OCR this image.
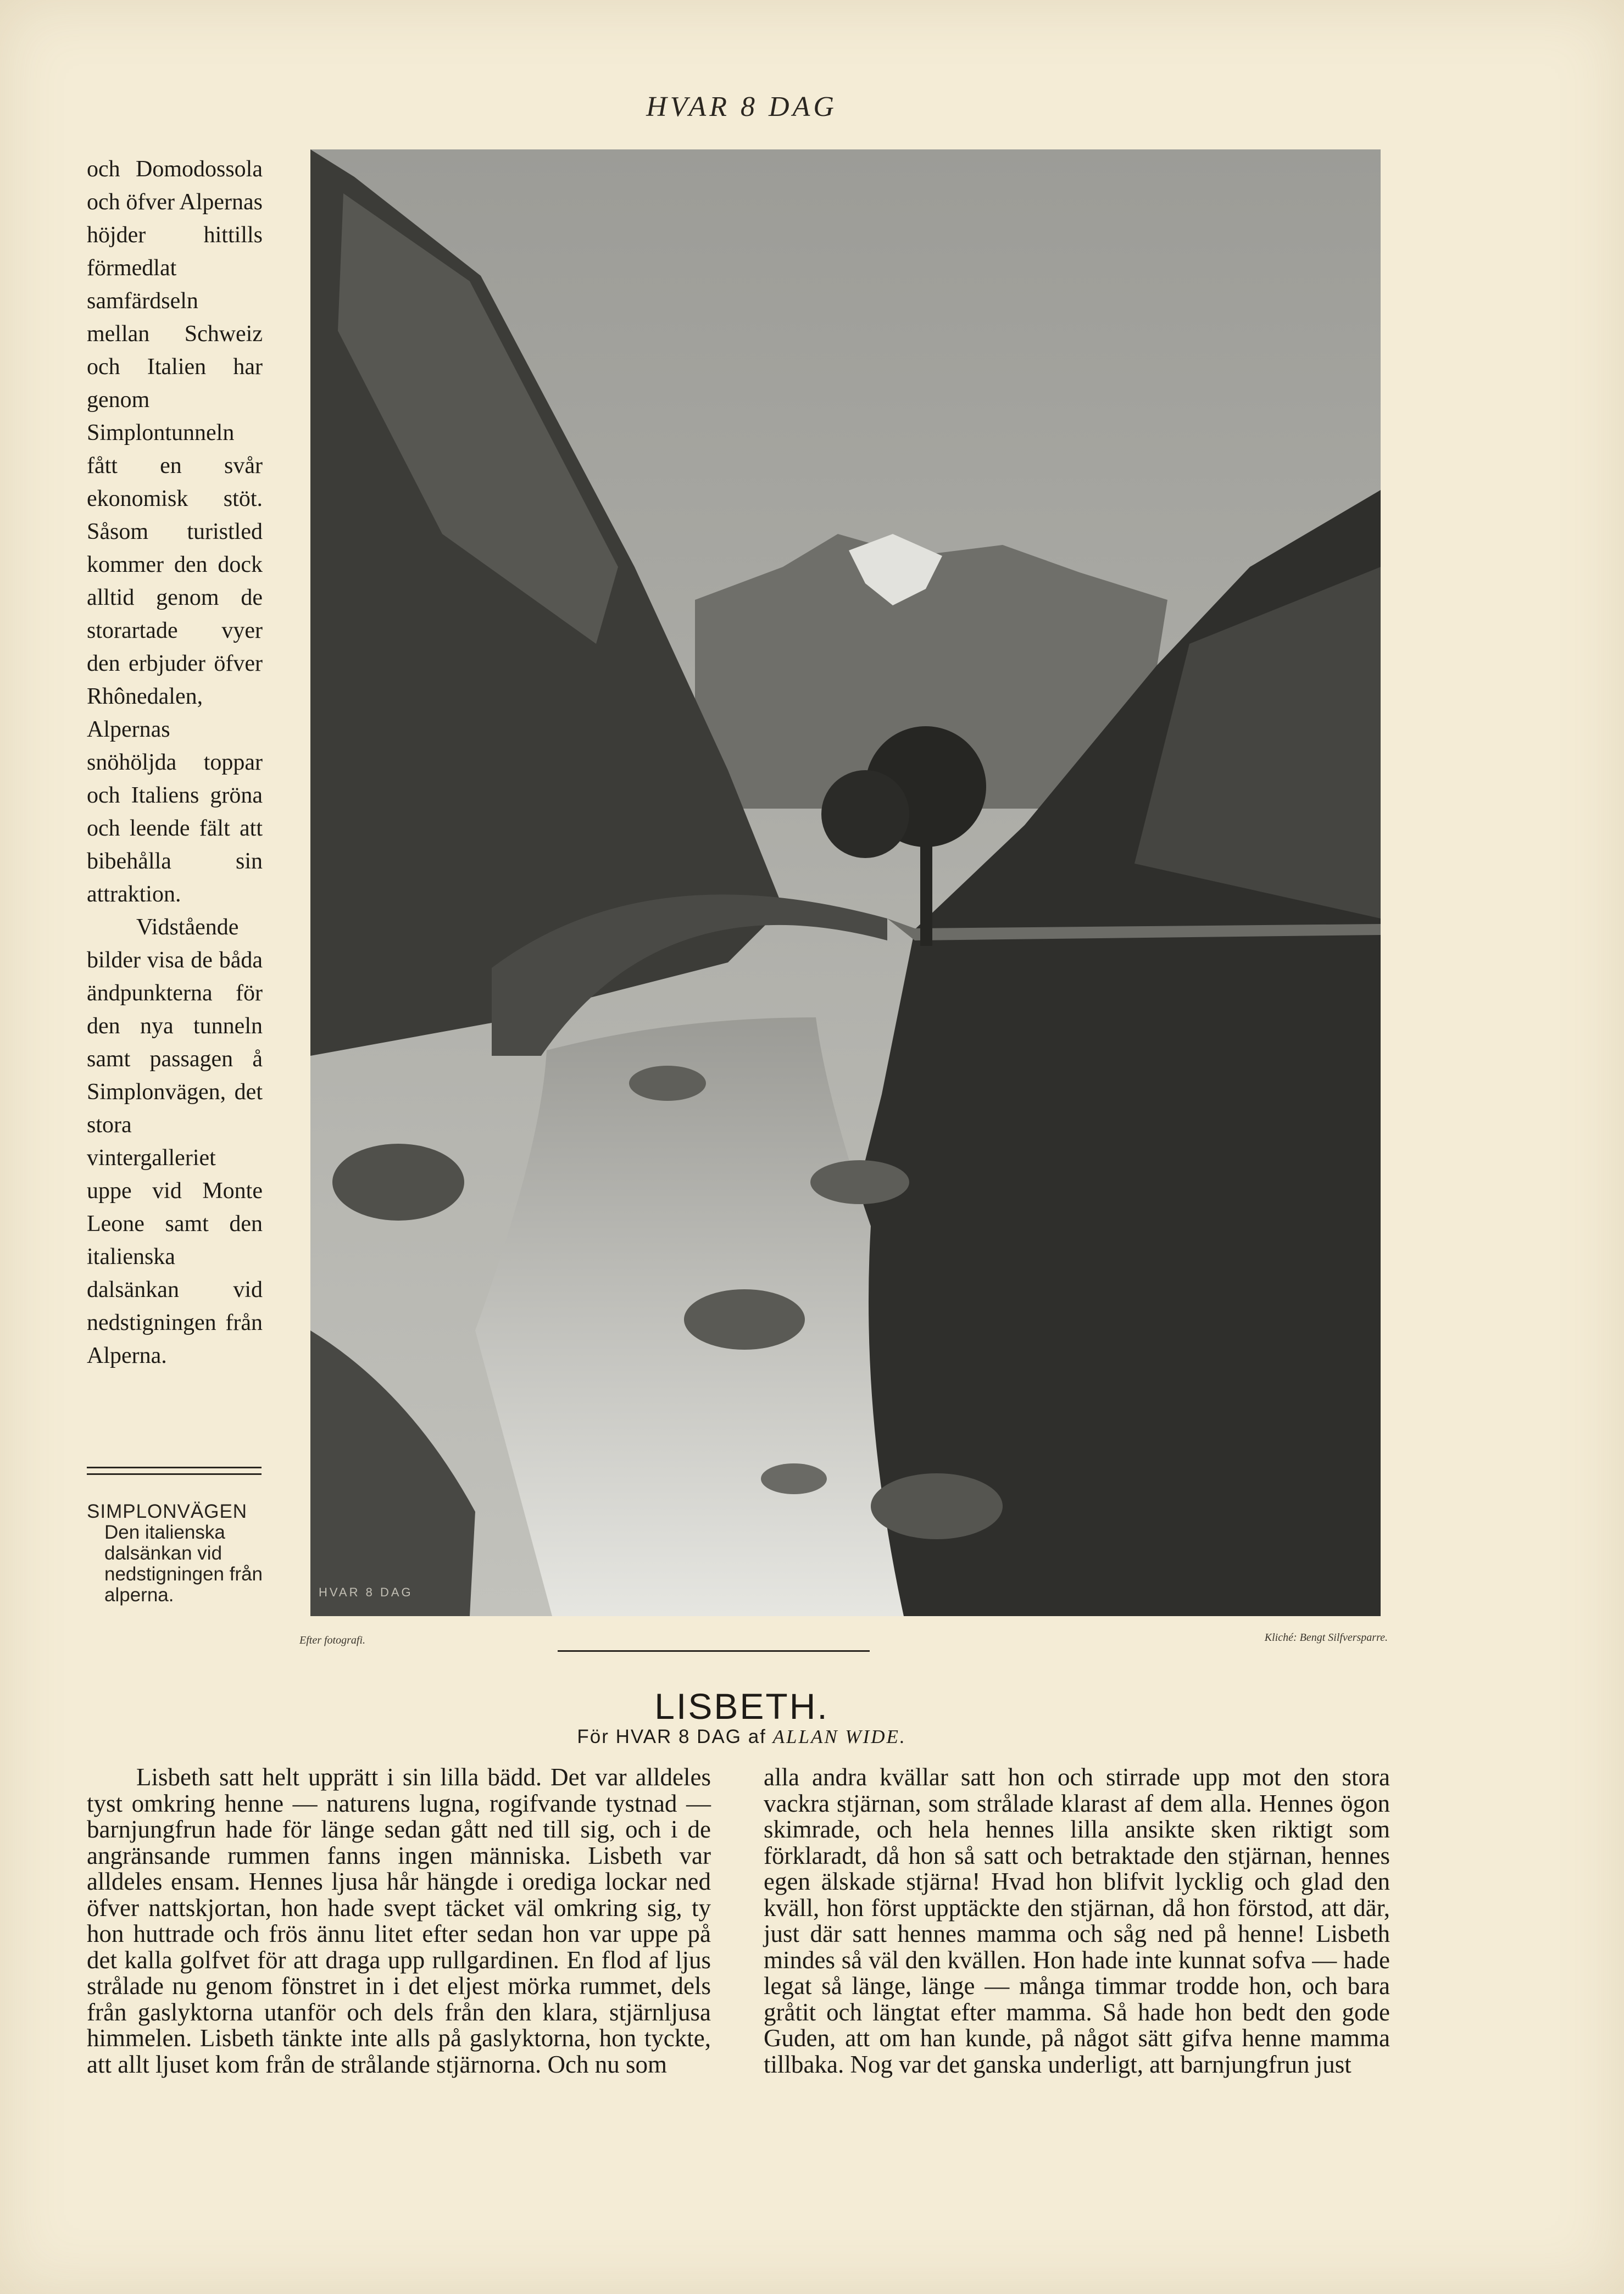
HVAR 8 DAG

och Domodossola och öfver Alpernas höjder hittills förmedlat samfärdseln mellan Schweiz och Italien har genom Simplontunneln fått en svår ekonomisk stöt. Såsom turistled kommer den dock alltid genom de storartade vyer den erbjuder öfver Rhônedalen, Alpernas snöhöljda toppar och Italiens gröna och leende fält att bibehålla sin attraktion.

Vidstående bilder visa de båda ändpunkterna för den nya tunneln samt passagen å Simplonvägen, det stora vintergalleriet uppe vid Monte Leone samt den italienska dalsänkan vid nedstigningen från Alperna.

SIMPLONVÄGEN
Den italienska dalsänkan vid nedstigningen från alperna.	HVAR 8 DAG
Efter fotografi.	Kliché: Bengt Silfversparre.
LISBETH.
För HVAR 8 DAG af ALLAN WIDE.

Lisbeth satt helt upprätt i sin lilla bädd. Det var alldeles tyst omkring henne — naturens lugna, rogifvande tystnad — barnjungfrun hade för länge sedan gått ned till sig, och i de angränsande rummen fanns ingen människa. Lisbeth var alldeles ensam. Hennes ljusa hår hängde i orediga lockar ned öfver nattskjortan, hon hade svept täcket väl omkring sig, ty hon huttrade och frös ännu litet efter sedan hon var uppe på det kalla golfvet för att draga upp rullgardinen. En flod af ljus strålade nu genom fönstret in i det eljest mörka rummet, dels från gaslyktorna utanför och dels från den klara, stjärnljusa himmelen. Lisbeth tänkte inte alls på gaslyktorna, hon tyckte, att allt ljuset kom från de strålande stjärnorna. Och nu som

alla andra kvällar satt hon och stirrade upp mot den stora vackra stjärnan, som strålade klarast af dem alla. Hennes ögon skimrade, och hela hennes lilla ansikte sken riktigt som förklaradt, då hon så satt och betraktade den stjärnan, hennes egen älskade stjärna! Hvad hon blifvit lycklig och glad den kväll, hon först upptäckte den stjärnan, då hon förstod, att där, just där satt hennes mamma och såg ned på henne! Lisbeth mindes så väl den kvällen. Hon hade inte kunnat sofva — hade legat så länge, länge — många timmar trodde hon, och bara gråtit och längtat efter mamma. Så hade hon bedt den gode Guden, att om han kunde, på något sätt gifva henne mamma tillbaka. Nog var det ganska underligt, att barnjungfrun just
